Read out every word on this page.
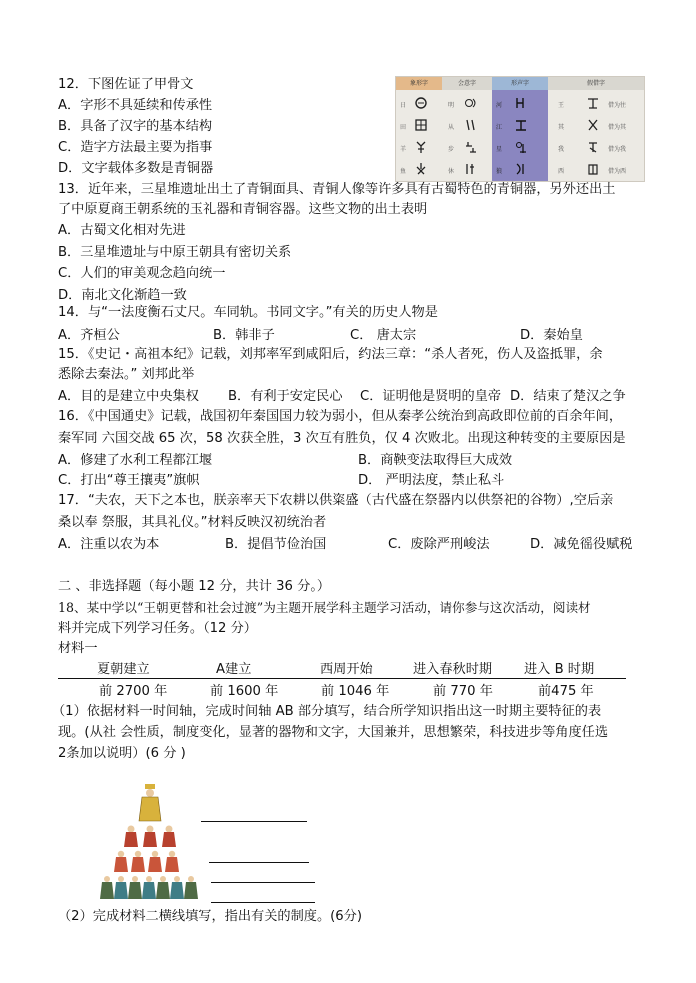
12．下图佐证了甲骨文
A．字形不具延续和传承性
B．具备了汉字的基本结构
C．造字方法最主要为指事
D．文字载体多数是青铜器
象形字	会意字	形声字	假借字
日	明	河	王	借为往
田	从	江	其	借为其
羊	步	星	我	借为我
鱼	休	狼	西	借为西
13．近年来，三星堆遗址出土了青铜面具、青铜人像等许多具有古蜀特色的青铜器，另外还出土
了中原夏商王朝系统的玉礼器和青铜容器。这些文物的出土表明
A．古蜀文化相对先进
B．三星堆遗址与中原王朝具有密切关系
C．人们的审美观念趋向统一
D．南北文化渐趋一致
14．与“一法度衡石丈尺。车同轨。书同文字。”有关的历史人物是
A．齐桓公	B．韩非子	C． 唐太宗	D．秦始皇
15．《史记・高祖本纪》记载，刘邦率军到咸阳后，约法三章：“杀人者死，伤人及盗抵罪，余
悉除去秦法。” 刘邦此举
A．目的是建立中央集权 B．有利于安定民心 C．证明他是贤明的皇帝 D．结束了楚汉之争
16．《中国通史》记载，战国初年秦国国力较为弱小，但从秦孝公统治到高政即位前的百余年间，
秦军同 六国交战 65 次，58 次获全胜，3 次互有胜负，仅 4 次败北。出现这种转变的主要原因是
A．修建了水利工程都江堰	B．商鞅变法取得巨大成效
C．打出“尊王攘夷”旗帜	D． 严明法度，禁止私斗
17．“夫农，天下之本也，朕亲率天下农耕以供粢盛（古代盛在祭器内以供祭祀的谷物）,空后亲
桑以奉 祭服，其具礼仪。”材料反映汉初统治者
A．注重以农为本	B．提倡节俭治国	C．废除严刑峻法	D．减免徭役赋税
二 、非选择题（每小题 12 分，共计 36 分。）
18、某中学以“王朝更替和社会过渡”为主题开展学科主题学习活动，请你参与这次活动，阅读材
料并完成下列学习任务。（12 分）
材料一
夏朝建立	A建立	西周开始	进入春秋时期 进入 B 时期
前 2700 年	前 1600 年	前 1046 年	前 770 年	前475 年
（1）依据材料一时间轴，完成时间轴 AB 部分填写，结合所学知识指出这一时期主要特征的表
现。(从社 会性质，制度变化，显著的器物和文字，大国兼并，思想繁荣，科技进步等角度任选
2条加以说明）(6 分 )
（2）完成材料二横线填写，指出有关的制度。(6分)
